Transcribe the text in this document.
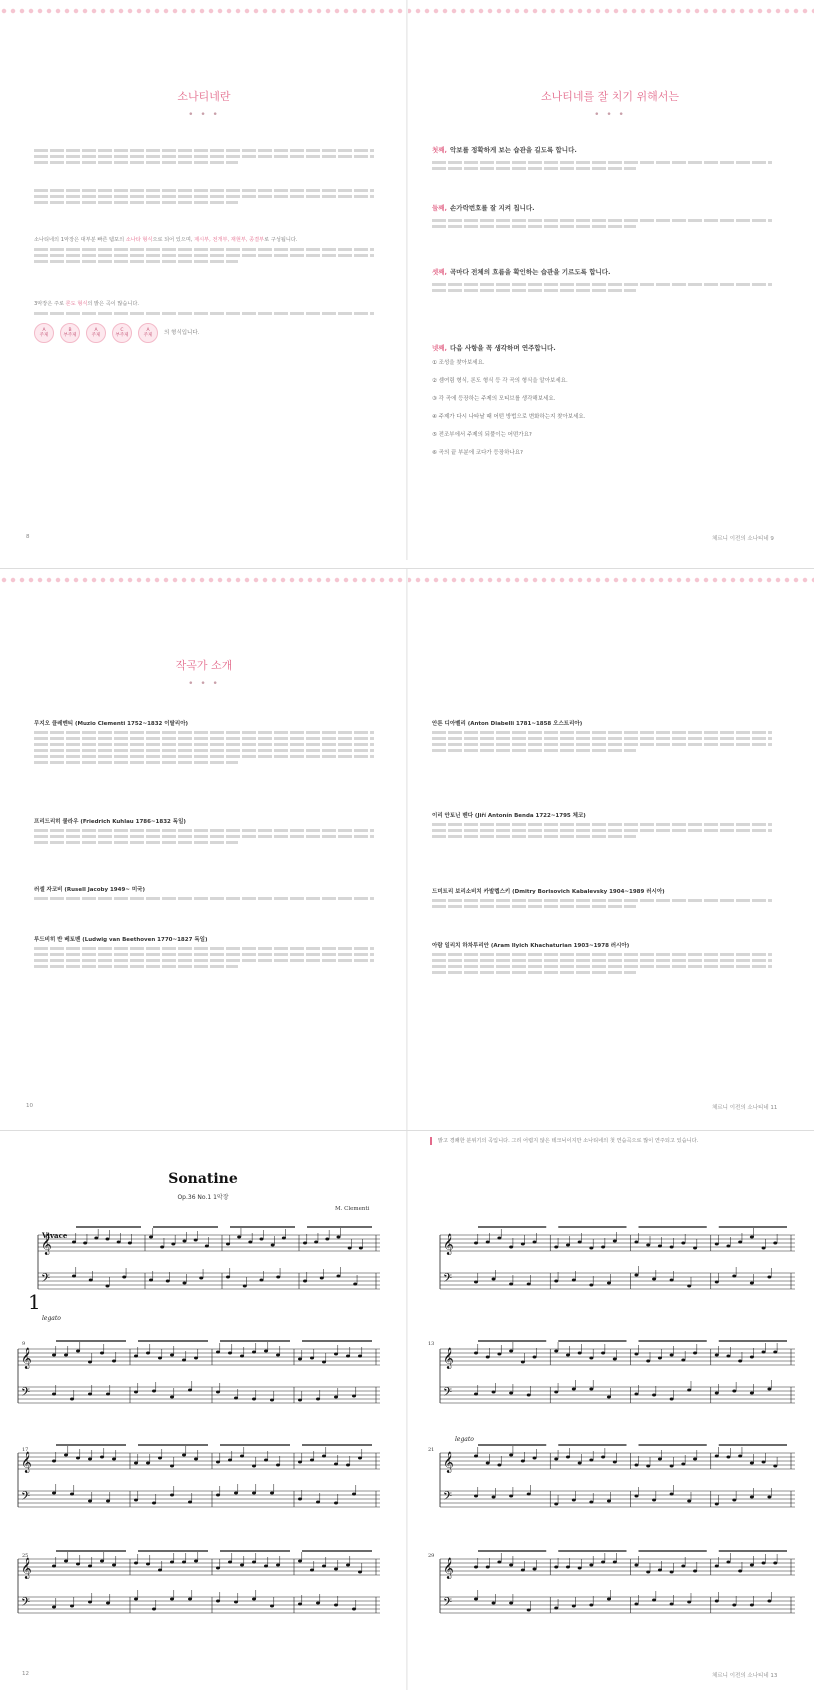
소나티네란
• • •
소나티네의 1악장은 대부분 빠른 템포의 소나타 형식으로 되어 있으며, 제시부, 전개부, 재현부, 종결부로 구성됩니다.
3악장은 주로 론도 형식의 밝은 곡이 많습니다.
A
주제
B
부주제
A
주제
C
부주제
A
주제 의 형식입니다.
8
소나티네를 잘 치기 위해서는
• • •
첫째, 악보를 정확하게 보는 습관을 길도록 합니다.
둘째, 손가락번호를 잘 지켜 칩니다.
셋째, 곡마다 전체의 흐름을 확인하는 습관을 기르도록 합니다.
넷째, 다음 사항을 꼭 생각하며 연주합니다.
① 조성을 찾아보세요.
② 셈여림 형식, 론도 형식 등 각 곡의 형식을 알아보세요.
③ 각 곡에 등장하는 주제의 모티브를 생각해보세요.
④ 주제가 다시 나타날 때 어떤 방법으로 변화하는지 찾아보세요.
⑤ 전조부에서 주제의 되풀이는 어떤가요?
⑥ 곡의 끝 부분에 코다가 등장하나요?
체르니 이전의 소나티네 9
작곡가 소개
• • •
무지오 클레멘티 (Muzio Clementi 1752~1832 이탈리아)
프리드리히 쿨라우 (Friedrich Kuhlau 1786~1832 독일)
러셀 자코비 (Rusell Jacoby 1949~ 미국)
루드비히 반 베토벤 (Ludwig van Beethoven 1770~1827 독일)
안톤 디아벨리 (Anton Diabelli 1781~1858 오스트리아)
이리 안토닌 벤다 (Jiří Antonín Benda 1722~1795 체코)
드미트리 보리소비치 카발렙스키 (Dmitry Borisovich Kabalevsky 1904~1989 러시아)
아람 일리치 하차투리안 (Aram Ilyich Khachaturian 1903~1978 러시아)
10	체르니 이전의 소나티네 11
Sonatine
Op.36 No.1 1악장
M. Clementi
Vivace
legato
legato
밝고 경쾌한 분위기의 곡입니다. 그리 어렵지 않은 테크닉이지만 소나티네의 첫 연습곡으로 많이 연주되고 있습니다.
9
17
25
13
21
29
𝄞
𝄢
𝄞
𝄢
𝄞
𝄢
𝄞
𝄢
𝄞
𝄢
𝄞
𝄢
𝄞
𝄢
𝄞
𝄢
1
12	체르니 이전의 소나티네 13
